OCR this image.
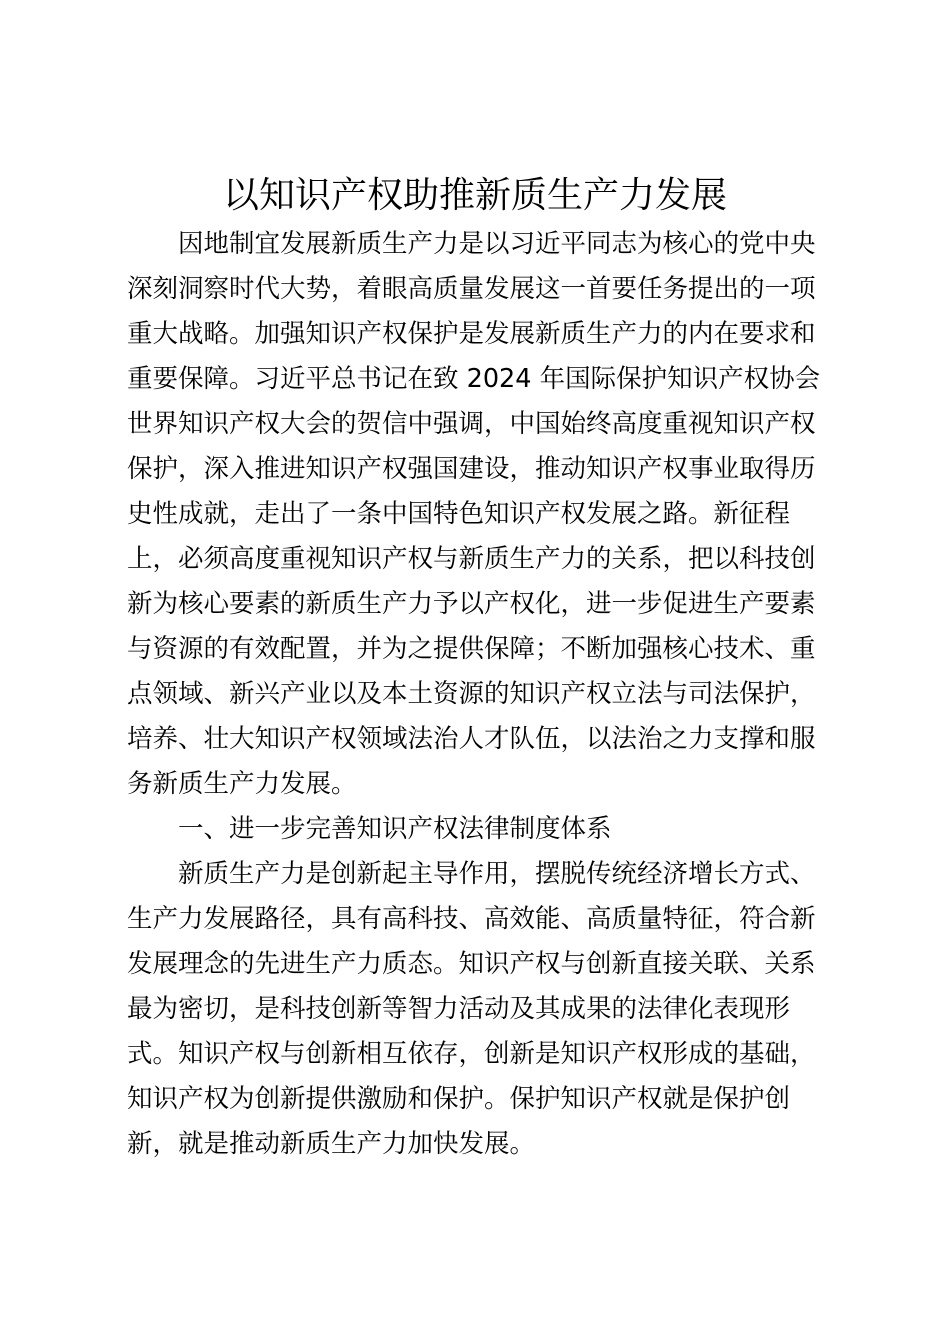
以知识产权助推新质生产力发展
因地制宜发展新质生产力是以习近平同志为核心的党中央
深刻洞察时代大势，着眼高质量发展这一首要任务提出的一项
重大战略。加强知识产权保护是发展新质生产力的内在要求和
重要保障。习近平总书记在致 2024 年国际保护知识产权协会
世界知识产权大会的贺信中强调，中国始终高度重视知识产权
保护，深入推进知识产权强国建设，推动知识产权事业取得历
史性成就，走出了一条中国特色知识产权发展之路。新征程
上，必须高度重视知识产权与新质生产力的关系，把以科技创
新为核心要素的新质生产力予以产权化，进一步促进生产要素
与资源的有效配置，并为之提供保障；不断加强核心技术、重
点领域、新兴产业以及本土资源的知识产权立法与司法保护，
培养、壮大知识产权领域法治人才队伍，以法治之力支撑和服
务新质生产力发展。
一、进一步完善知识产权法律制度体系
新质生产力是创新起主导作用，摆脱传统经济增长方式、
生产力发展路径，具有高科技、高效能、高质量特征，符合新
发展理念的先进生产力质态。知识产权与创新直接关联、关系
最为密切，是科技创新等智力活动及其成果的法律化表现形
式。知识产权与创新相互依存，创新是知识产权形成的基础，
知识产权为创新提供激励和保护。保护知识产权就是保护创
新，就是推动新质生产力加快发展。
